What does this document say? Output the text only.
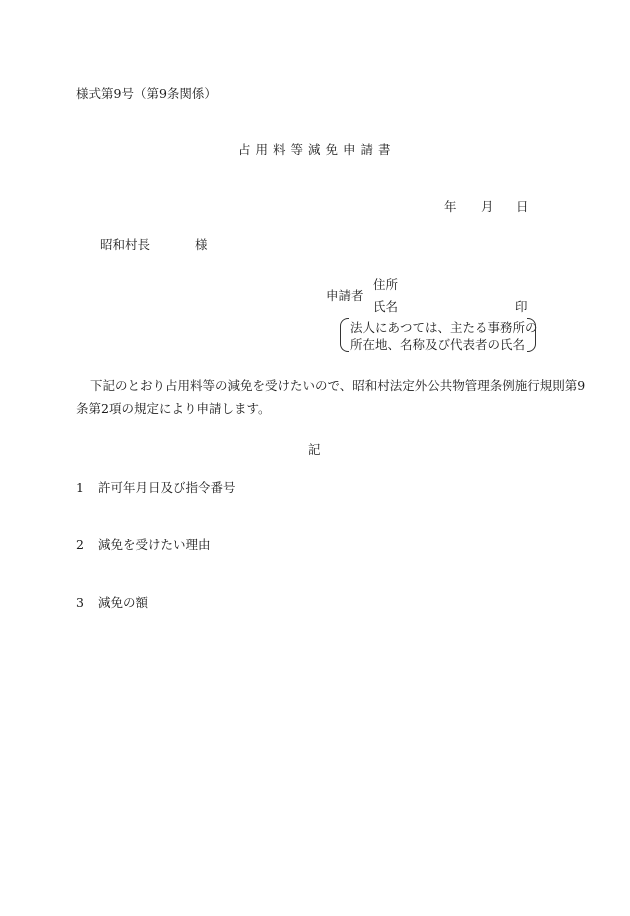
様式第9号（第9条関係）
占用料等減免申請書
年 月 日
昭和村長	様
申請者
住所
氏名	印
法人にあつては、主たる事務所の
所在地、名称及び代表者の氏名
下記のとおり占用料等の減免を受けたいので、昭和村法定外公共物管理条例施行規則第9
条第2項の規定により申請します。
記
1 許可年月日及び指令番号
2 減免を受けたい理由
3 減免の額
